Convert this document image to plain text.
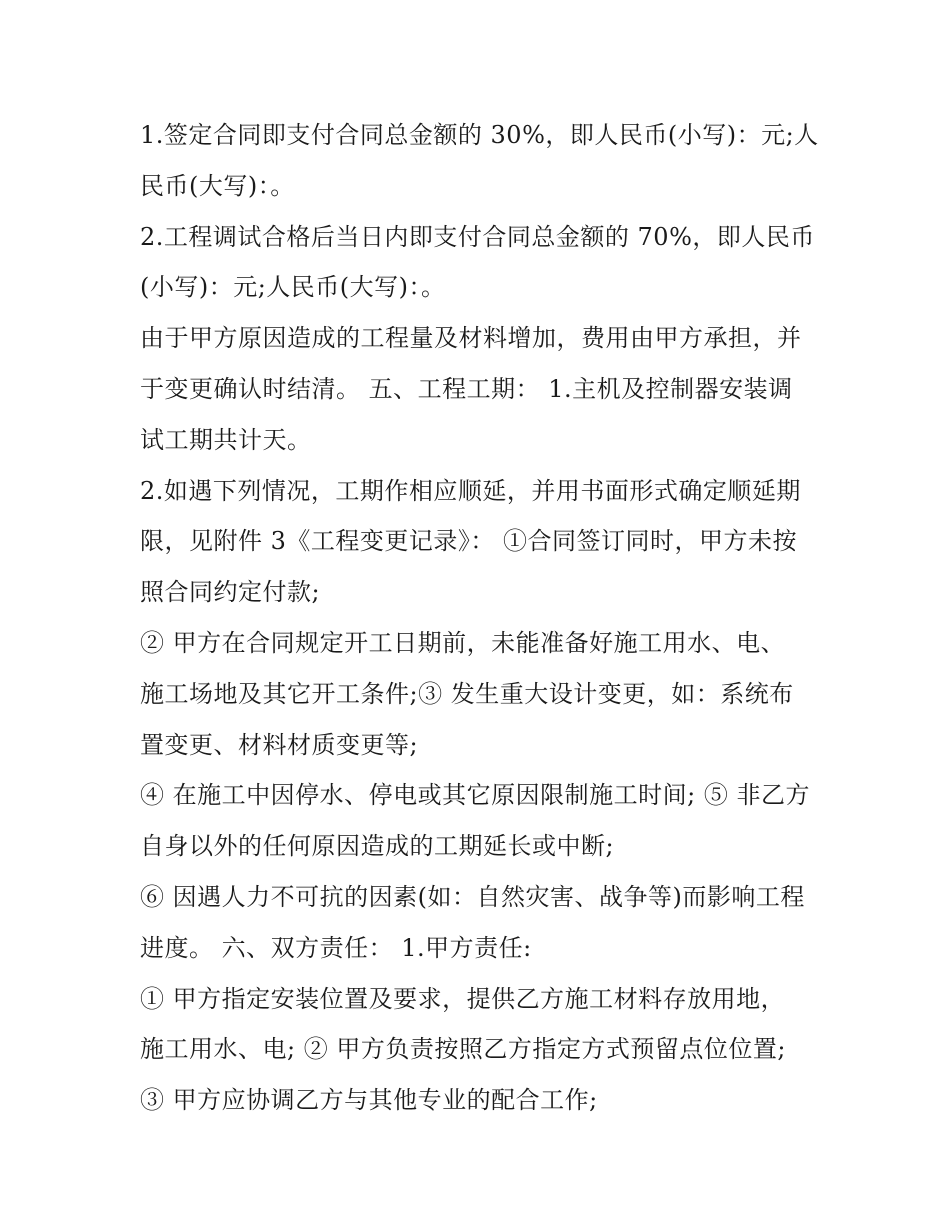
1.签定合同即支付合同总金额的 30%，即人民币(小写)：元;人
民币(大写)：。
2.工程调试合格后当日内即支付合同总金额的 70%，即人民币
(小写)：元;人民币(大写)：。
由于甲方原因造成的工程量及材料增加，费用由甲方承担，并
于变更确认时结清。 五、工程工期： 1.主机及控制器安装调
试工期共计天。
2.如遇下列情况，工期作相应顺延，并用书面形式确定顺延期
限，见附件 3《工程变更记录》： ①合同签订同时，甲方未按
照合同约定付款;
② 甲方在合同规定开工日期前，未能准备好施工用水、电、
施工场地及其它开工条件;③ 发生重大设计变更，如：系统布
置变更、材料材质变更等;
④ 在施工中因停水、停电或其它原因限制施工时间; ⑤ 非乙方
自身以外的任何原因造成的工期延长或中断;
⑥ 因遇人力不可抗的因素(如：自然灾害、战争等)而影响工程
进度。 六、双方责任： 1.甲方责任:
① 甲方指定安装位置及要求，提供乙方施工材料存放用地，
施工用水、电; ② 甲方负责按照乙方指定方式预留点位位置;
③ 甲方应协调乙方与其他专业的配合工作;
